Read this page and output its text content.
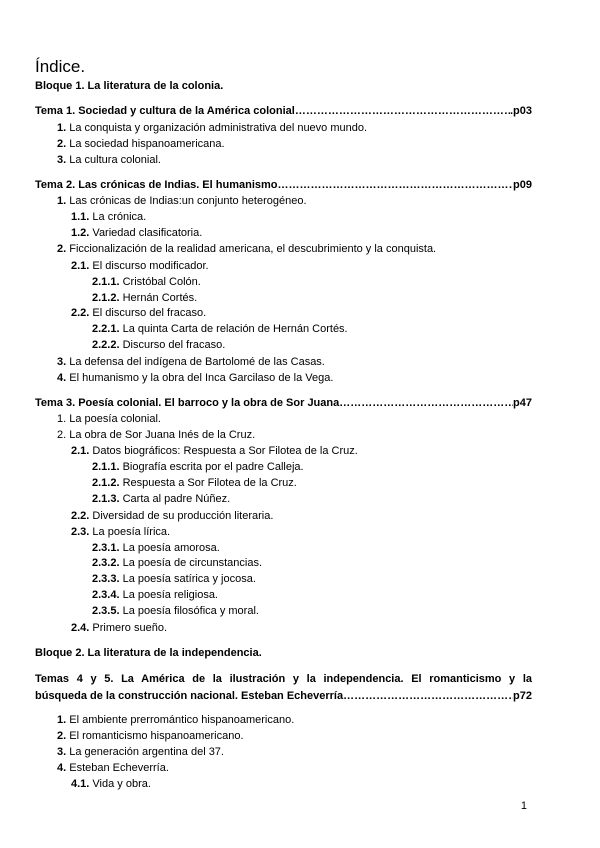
Índice.
Bloque 1. La literatura de la colonia.
Tema 1. Sociedad y cultura de la América colonial …………………………………………………………………………………………………………………………	.p03
1. La conquista y organización administrativa del nuevo mundo.
2. La sociedad hispanoamericana.
3. La cultura colonial.
Tema 2. Las crónicas de Indias. El humanismo …………………………………………………………………………………………………………………………	p09
1. Las crónicas de Indias:un conjunto heterogéneo.
1.1. La crónica.
1.2. Variedad clasificatoria.
2. Ficcionalización de la realidad americana, el descubrimiento y la conquista.
2.1. El discurso modificador.
2.1.1. Cristóbal Colón.
2.1.2. Hernán Cortés.
2.2. El discurso del fracaso.
2.2.1. La quinta Carta de relación de Hernán Cortés.
2.2.2. Discurso del fracaso.
3. La defensa del indígena de Bartolomé de las Casas.
4. El humanismo y la obra del Inca Garcilaso de la Vega.
Tema 3. Poesía colonial. El barroco y la obra de Sor Juana …………………………………………………………………………………………………………………………	p47
1. La poesía colonial.
2. La obra de Sor Juana Inés de la Cruz.
2.1. Datos biográficos: Respuesta a Sor Filotea de la Cruz.
2.1.1. Biografía escrita por el padre Calleja.
2.1.2. Respuesta a Sor Filotea de la Cruz.
2.1.3. Carta al padre Núñez.
2.2. Diversidad de su producción literaria.
2.3. La poesía lírica.
2.3.1. La poesía amorosa.
2.3.2. La poesía de circunstancias.
2.3.3. La poesía satírica y jocosa.
2.3.4. La poesía religiosa.
2.3.5. La poesía filosófica y moral.
2.4. Primero sueño.
Bloque 2. La literatura de la independencia.
Temas 4 y 5. La América de la ilustración y la independencia. El romanticismo y la
búsqueda de la construcción nacional. Esteban Echeverría …………………………………………………………………………………………………………………	p72
1. El ambiente prerromántico hispanoamericano.
2. El romanticismo hispanoamericano.
3. La generación argentina del 37.
4. Esteban Echeverría.
4.1. Vida y obra.
1
